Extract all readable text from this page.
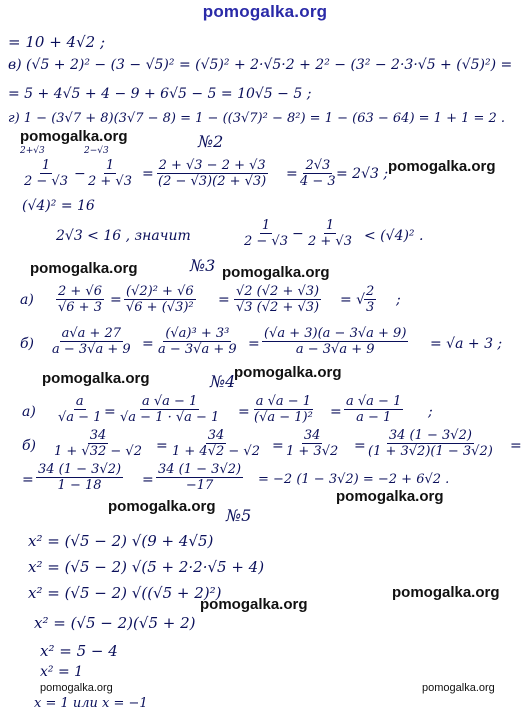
pomogalka.org
= 10 + 4√2 ;
в) (√5 + 2)² − (3 − √5)² = (√5)² + 2·√5·2 + 2² − (3² − 2·3·√5 + (√5)²) =
= 5 + 4√5 + 4 − 9 + 6√5 − 5 = 10√5 − 5 ;
г) 1 − (3√7 + 8)(3√7 − 8) = 1 − ((3√7)² − 8²) = 1 − (63 − 64) = 1 + 1 = 2 .
pomogalka.org	№2
2+√3	2−√3
$\frac{1}{2 - √3} - \frac{1}{2 + √3} = \frac{2 + √3 - 2 + √3}{(2 - √3)(2 + √3)} = \frac{2√3}{4 - 3}$
= 2√3 ; pomogalka.org
(√4)² = 16
2√3 < 16 , значит	$\frac{1}{2 - √3} - \frac{1}{2 + √3} < (√4)^2$ .
pomogalka.org	№3 pomogalka.org
$а) \frac{2 + √6}{√6 + 3} = \frac{\text{(√2)² + √6}}{\text{√6 + (√3)²}} = \frac{√2 (√2 + √3)}{√3 (√2 + √3)}$ = √
$\frac{2}{3}$ ;
$б) \frac{a√a + 27}{a - 3√a + 9} = \frac{\text{(√a)³ + 3³}}{a - 3√a + 9} = \frac{(√a + 3)(a - 3√a + 9)}{a - 3√a + 9} = √a + 3$ ;
pomogalka.org	№4
pomogalka.org
$а) \frac{a}{√a - 1} = \frac{a √a - 1}{√a - 1 \cdot √a - 1} = \frac{a √a - 1}{\text{(√a − 1)²}} = \frac{a √a - 1}{a - 1}$ ;
$б) \frac{34}{1 + √32 - √2} = \frac{34}{1 + 4√2 - √2} = \frac{34}{1 + 3√2} = \frac{34 (1 - 3√2)}{(1 + 3√2)(1 - 3√2)}$ =
= $\frac{34 (1 - 3√2)}{1 - 18} = \frac{34 (1 - 3√2)}{-17} = -2$ (1 − 3√2) = −2 + 6√2 .
pomogalka.org
pomogalka.org №5
x² = (√5 − 2) √(9 + 4√5)
x² = (√5 − 2) √(5 + 2·2·√5 + 4)
x² = (√5 − 2) √((√5 + 2)²)	pomogalka.org
pomogalka.org
x² = (√5 − 2)(√5 + 2)
x² = 5 − 4
x² = 1
pomogalka.org	pomogalka.org
x = 1 или x = −1
